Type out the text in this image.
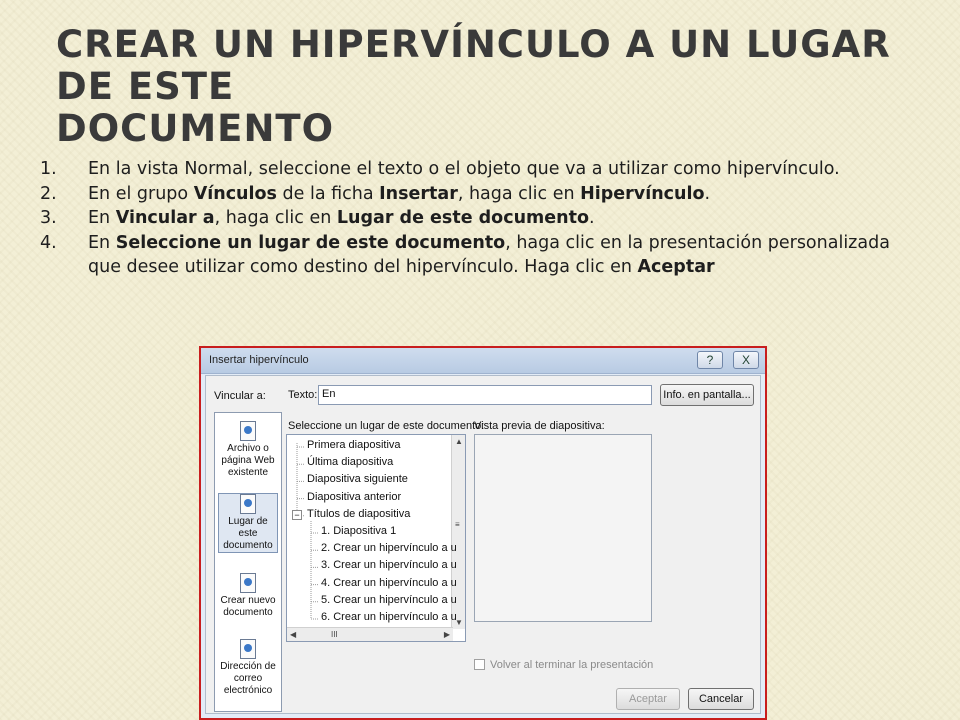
CREAR UN HIPERVÍNCULO A UN LUGAR DE ESTE
DOCUMENTO
1. En la vista Normal, seleccione el texto o el objeto que va a utilizar como hipervínculo.
2. En el grupo Vínculos de la ficha Insertar, haga clic en Hipervínculo.
3. En Vincular a, haga clic en Lugar de este documento.
4. En Seleccione un lugar de este documento, haga clic en la presentación personalizada que desee utilizar como destino del hipervínculo. Haga clic en Aceptar
Insertar hipervínculo	?	X
Vincular a:
Archivo o página Web existente
Lugar de este documento
Crear nuevo documento
Dirección de correo electrónico
Texto: En	Info. en pantalla...
Seleccione un lugar de este documento:
Vista previa de diapositiva:
▲
≡
▼
◀	III	▶
Primera diapositiva
Última diapositiva
Diapositiva siguiente
Diapositiva anterior
Títulos de diapositiva
−
1. Diapositiva 1
2. Crear un hipervínculo a u
3. Crear un hipervínculo a u
4. Crear un hipervínculo a u
5. Crear un hipervínculo a u
6. Crear un hipervínculo a u
Volver al terminar la presentación
Aceptar	Cancelar
